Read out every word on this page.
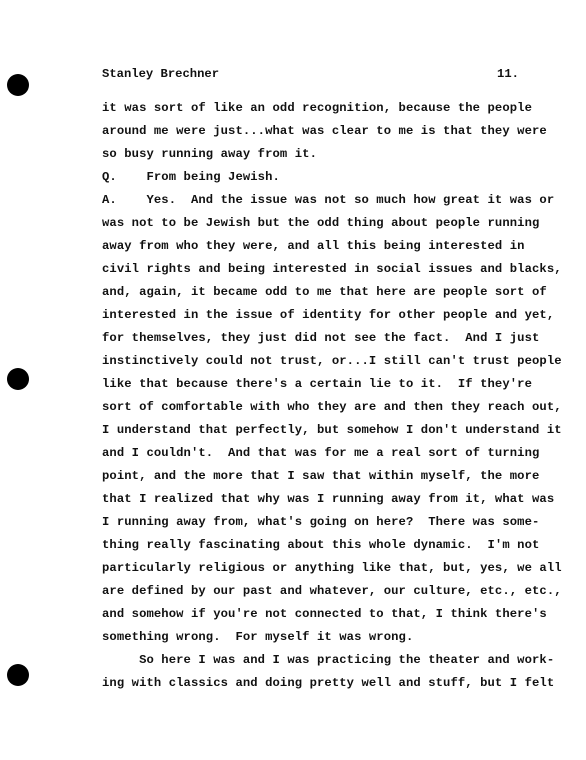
Stanley Brechner	11.
it was sort of like an odd recognition, because the people
around me were just...what was clear to me is that they were
so busy running away from it.
Q.    From being Jewish.
A.    Yes.  And the issue was not so much how great it was or
was not to be Jewish but the odd thing about people running
away from who they were, and all this being interested in
civil rights and being interested in social issues and blacks,
and, again, it became odd to me that here are people sort of
interested in the issue of identity for other people and yet,
for themselves, they just did not see the fact.  And I just
instinctively could not trust, or...I still can't trust people
like that because there's a certain lie to it.  If they're
sort of comfortable with who they are and then they reach out,
I understand that perfectly, but somehow I don't understand it
and I couldn't.  And that was for me a real sort of turning
point, and the more that I saw that within myself, the more
that I realized that why was I running away from it, what was
I running away from, what's going on here?  There was some-
thing really fascinating about this whole dynamic.  I'm not
particularly religious or anything like that, but, yes, we all
are defined by our past and whatever, our culture, etc., etc.,
and somehow if you're not connected to that, I think there's
something wrong.  For myself it was wrong.
So here I was and I was practicing the theater and work-
ing with classics and doing pretty well and stuff, but I felt
